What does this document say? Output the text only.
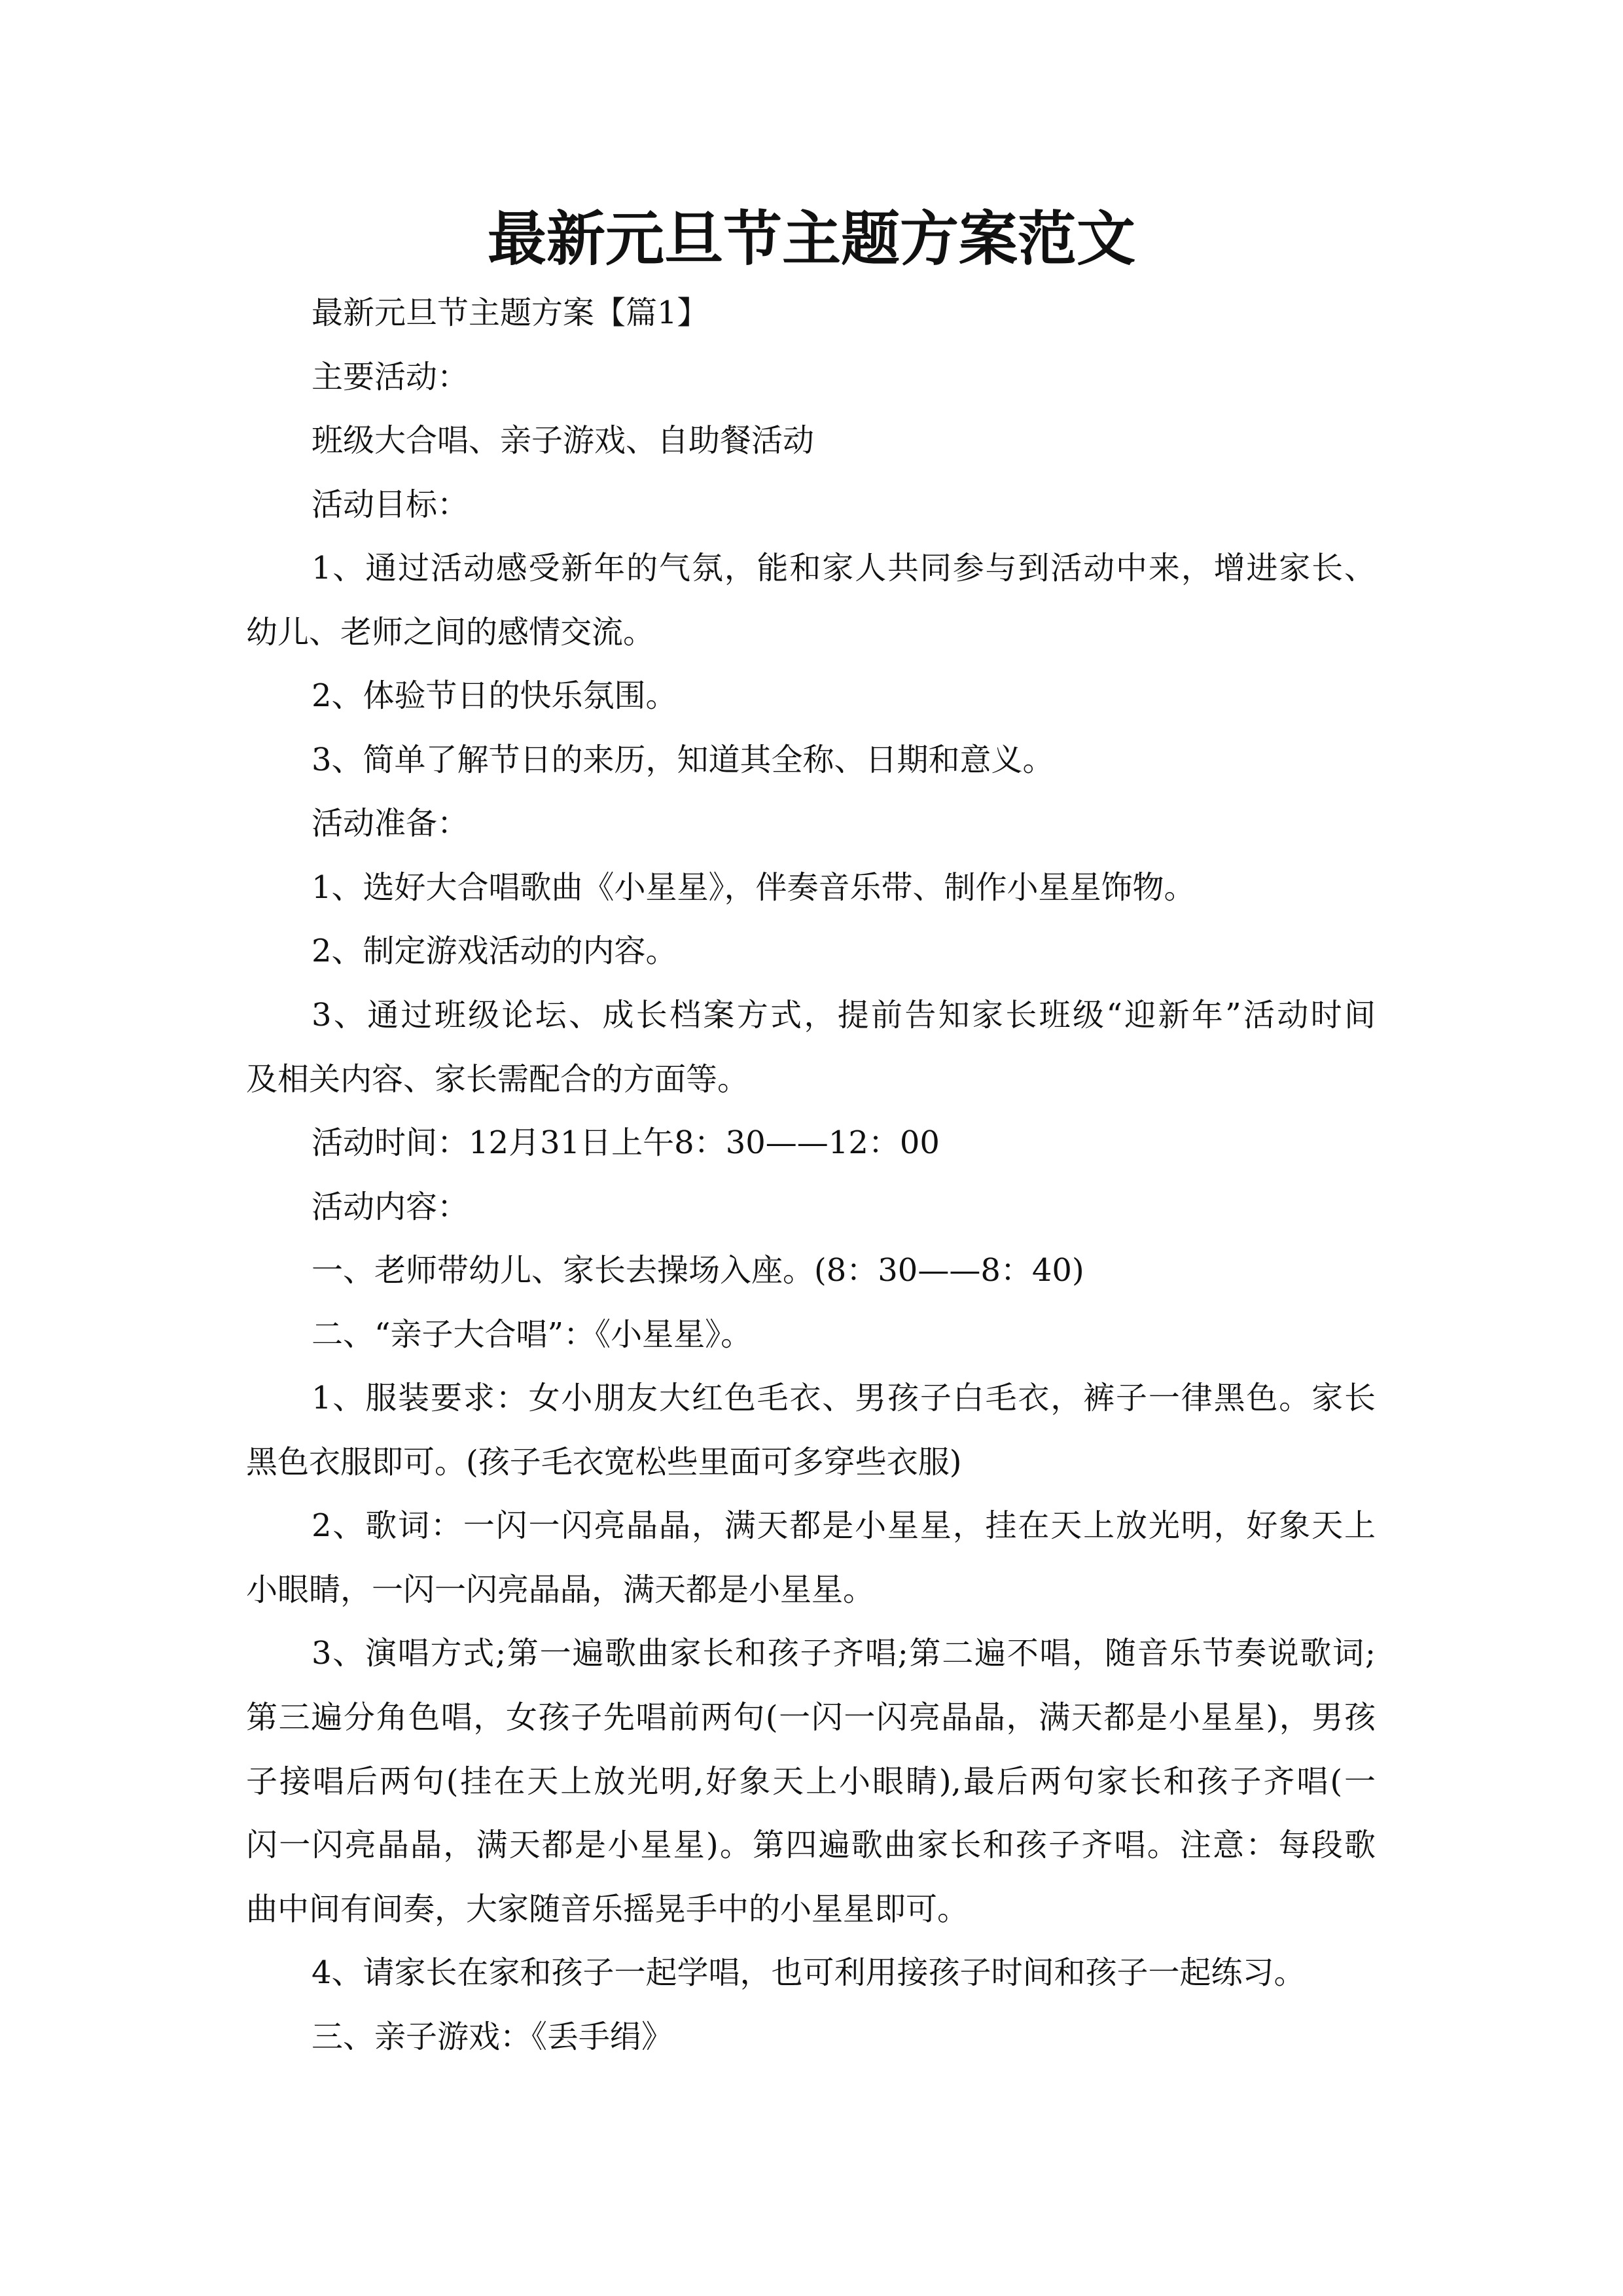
最新元旦节主题方案范文
最新元旦节主题方案【篇1】
主要活动：
班级大合唱、亲子游戏、自助餐活动
活动目标：
1、通过活动感受新年的气氛，能和家人共同参与到活动中来，增进家长、
幼儿、老师之间的感情交流。
2、体验节日的快乐氛围。
3、简单了解节日的来历，知道其全称、日期和意义。
活动准备：
1、选好大合唱歌曲《小星星》，伴奏音乐带、制作小星星饰物。
2、制定游戏活动的内容。
3、通过班级论坛、成长档案方式，提前告知家长班级“迎新年”活动时间
及相关内容、家长需配合的方面等。
活动时间：12月31日上午8：30——12：00
活动内容：
一、老师带幼儿、家长去操场入座。(8：30——8：40)
二、“亲子大合唱”：《小星星》。
1、服装要求：女小朋友大红色毛衣、男孩子白毛衣，裤子一律黑色。家长
黑色衣服即可。(孩子毛衣宽松些里面可多穿些衣服)
2、歌词：一闪一闪亮晶晶，满天都是小星星，挂在天上放光明，好象天上
小眼睛，一闪一闪亮晶晶，满天都是小星星。
3、演唱方式;第一遍歌曲家长和孩子齐唱;第二遍不唱，随音乐节奏说歌词;
第三遍分角色唱，女孩子先唱前两句(一闪一闪亮晶晶，满天都是小星星)，男孩
子接唱后两句(挂在天上放光明,好象天上小眼睛),最后两句家长和孩子齐唱(一
闪一闪亮晶晶，满天都是小星星)。第四遍歌曲家长和孩子齐唱。注意：每段歌
曲中间有间奏，大家随音乐摇晃手中的小星星即可。
4、请家长在家和孩子一起学唱，也可利用接孩子时间和孩子一起练习。
三、亲子游戏：《丢手绢》
